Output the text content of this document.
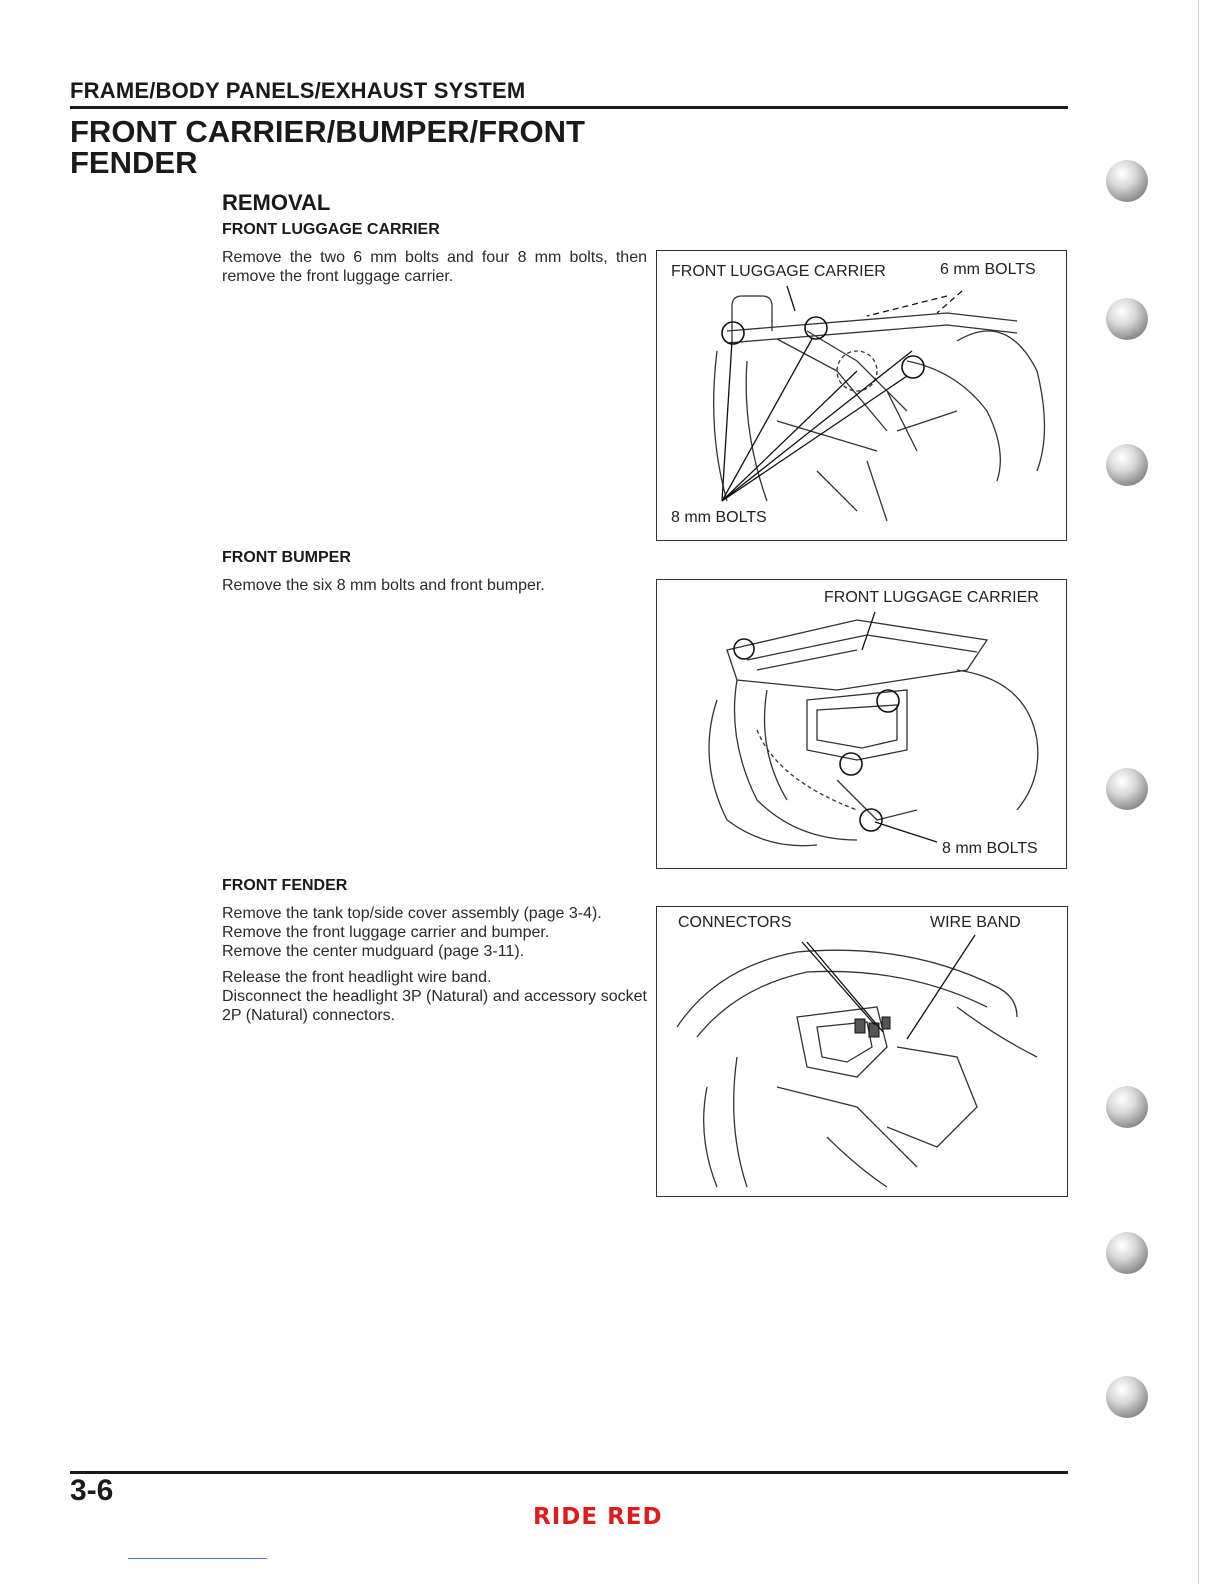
FRAME/BODY PANELS/EXHAUST SYSTEM
FRONT CARRIER/BUMPER/FRONT
FENDER
REMOVAL
FRONT LUGGAGE CARRIER
Remove the two 6 mm bolts and four 8 mm bolts, then remove the front luggage carrier.	FRONT LUGGAGE CARRIER	6 mm BOLTS
8 mm BOLTS
FRONT BUMPER
Remove the six 8 mm bolts and front bumper.
FRONT LUGGAGE CARRIER
8 mm BOLTS
FRONT FENDER

Remove the tank top/side cover assembly (page 3-4).

Remove the front luggage carrier and bumper.

Remove the center mudguard (page 3-11).

Release the front headlight wire band.

Disconnect the headlight 3P (Natural) and accessory socket 2P (Natural) connectors.

CONNECTORS	WIRE BAND
3-6
RIDE RED
